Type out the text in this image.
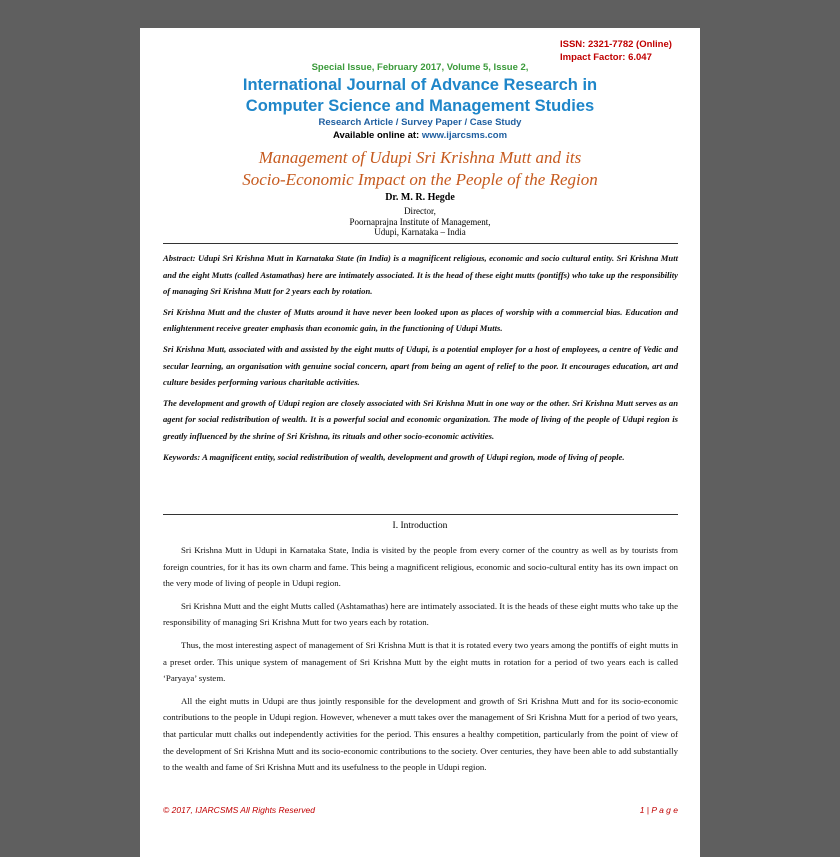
ISSN: 2321-7782 (Online)
Impact Factor: 6.047
Special Issue, February 2017, Volume 5, Issue 2,
International Journal of Advance Research in
Computer Science and Management Studies
Research Article / Survey Paper / Case Study
Available online at: www.ijarcsms.com
Management of Udupi Sri Krishna Mutt and its
Socio-Economic Impact on the People of the Region
Dr. M. R. Hegde
Director,
Poornaprajna Institute of Management,
Udupi, Karnataka – India

Abstract: Udupi Sri Krishna Mutt in Karnataka State (in India) is a magnificent religious, economic and socio cultural entity. Sri Krishna Mutt and the eight Mutts (called Astamathas) here are intimately associated. It is the head of these eight mutts (pontiffs) who take up the responsibility of managing Sri Krishna Mutt for 2 years each by rotation.

Sri Krishna Mutt and the cluster of Mutts around it have never been looked upon as places of worship with a commercial bias. Education and enlightenment receive greater emphasis than economic gain, in the functioning of Udupi Mutts.

Sri Krishna Mutt, associated with and assisted by the eight mutts of Udupi, is a potential employer for a host of employees, a centre of Vedic and secular learning, an organisation with genuine social concern, apart from being an agent of relief to the poor. It encourages education, art and culture besides performing various charitable activities.

The development and growth of Udupi region are closely associated with Sri Krishna Mutt in one way or the other. Sri Krishna Mutt serves as an agent for social redistribution of wealth. It is a powerful social and economic organization. The mode of living of the people of Udupi region is greatly influenced by the shrine of Sri Krishna, its rituals and other socio-economic activities.

Keywords: A magnificent entity, social redistribution of wealth, development and growth of Udupi region, mode of living of people.

I. Introduction

Sri Krishna Mutt in Udupi in Karnataka State, India is visited by the people from every corner of the country as well as by tourists from foreign countries, for it has its own charm and fame. This being a magnificent religious, economic and socio-cultural entity has its own impact on the very mode of living of people in Udupi region.

Sri Krishna Mutt and the eight Mutts called (Ashtamathas) here are intimately associated. It is the heads of these eight mutts who take up the responsibility of managing Sri Krishna Mutt for two years each by rotation.

Thus, the most interesting aspect of management of Sri Krishna Mutt is that it is rotated every two years among the pontiffs of eight mutts in a preset order. This unique system of management of Sri Krishna Mutt by the eight mutts in rotation for a period of two years each is called ‘Paryaya’ system.

All the eight mutts in Udupi are thus jointly responsible for the development and growth of Sri Krishna Mutt and for its socio-economic contributions to the people in Udupi region. However, whenever a mutt takes over the management of Sri Krishna Mutt for a period of two years, that particular mutt chalks out independently activities for the period. This ensures a healthy competition, particularly from the point of view of the development of Sri Krishna Mutt and its socio-economic contributions to the society. Over centuries, they have been able to add substantially to the wealth and fame of Sri Krishna Mutt and its usefulness to the people in Udupi region.

© 2017, IJARCSMS All Rights Reserved	1 | P a g e
